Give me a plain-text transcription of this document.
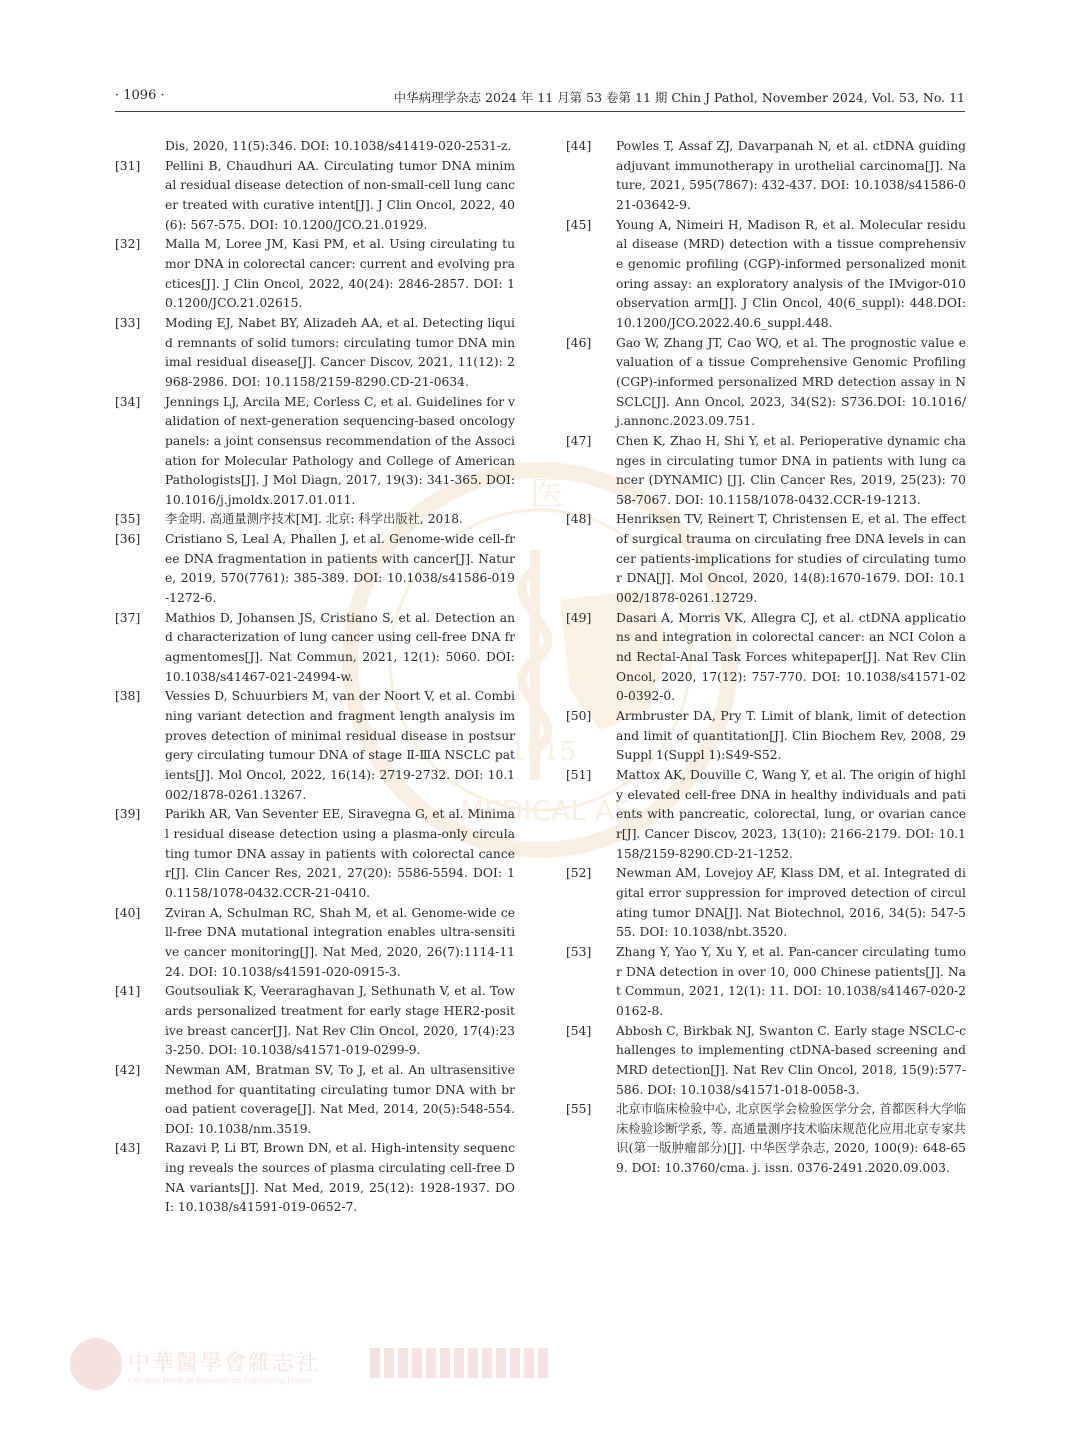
医
1915
MEDICAL AS
· 1096 ·	中华病理学杂志 2024 年 11 月第 53 卷第 11 期 Chin J Pathol, November 2024, Vol. 53, No. 11
Dis, 2020, 11(5):346. DOI: 10.1038/s41419-020-2531-z.
[31]	Pellini B, Chaudhuri AA. Circulating tumor DNA minimal residual disease detection of non-small-cell lung cancer treated with curative intent[J]. J Clin Oncol, 2022, 40(6): 567-575. DOI: 10.1200/JCO.21.01929.
[32]	Malla M, Loree JM, Kasi PM, et al. Using circulating tumor DNA in colorectal cancer: current and evolving practices[J]. J Clin Oncol, 2022, 40(24): 2846-2857. DOI: 10.1200/JCO.21.02615.
[33]	Moding EJ, Nabet BY, Alizadeh AA, et al. Detecting liquid remnants of solid tumors: circulating tumor DNA minimal residual disease[J]. Cancer Discov, 2021, 11(12): 2968-2986. DOI: 10.1158/2159-8290.CD-21-0634.
[34]	Jennings LJ, Arcila ME, Corless C, et al. Guidelines for validation of next-generation sequencing-based oncology panels: a joint consensus recommendation of the Association for Molecular Pathology and College of American Pathologists[J]. J Mol Diagn, 2017, 19(3): 341-365. DOI: 10.1016/j.jmoldx.2017.01.011.
[35]	李金明. 高通量测序技术[M]. 北京: 科学出版社, 2018.
[36]	Cristiano S, Leal A, Phallen J, et al. Genome-wide cell-free DNA fragmentation in patients with cancer[J]. Nature, 2019, 570(7761): 385-389. DOI: 10.1038/s41586-019-1272-6.
[37]	Mathios D, Johansen JS, Cristiano S, et al. Detection and characterization of lung cancer using cell-free DNA fragmentomes[J]. Nat Commun, 2021, 12(1): 5060. DOI: 10.1038/s41467-021-24994-w.
[38]	Vessies D, Schuurbiers M, van der Noort V, et al. Combining variant detection and fragment length analysis improves detection of minimal residual disease in postsurgery circulating tumour DNA of stage Ⅱ-ⅢA NSCLC patients[J]. Mol Oncol, 2022, 16(14): 2719-2732. DOI: 10.1002/1878-0261.13267.
[39]	Parikh AR, Van Seventer EE, Siravegna G, et al. Minimal residual disease detection using a plasma-only circulating tumor DNA assay in patients with colorectal cancer[J]. Clin Cancer Res, 2021, 27(20): 5586-5594. DOI: 10.1158/1078-0432.CCR-21-0410.
[40]	Zviran A, Schulman RC, Shah M, et al. Genome-wide cell-free DNA mutational integration enables ultra-sensitive cancer monitoring[J]. Nat Med, 2020, 26(7):1114-1124. DOI: 10.1038/s41591-020-0915-3.
[41]	Goutsouliak K, Veeraraghavan J, Sethunath V, et al. Towards personalized treatment for early stage HER2-positive breast cancer[J]. Nat Rev Clin Oncol, 2020, 17(4):233-250. DOI: 10.1038/s41571-019-0299-9.
[42]	Newman AM, Bratman SV, To J, et al. An ultrasensitive method for quantitating circulating tumor DNA with broad patient coverage[J]. Nat Med, 2014, 20(5):548-554. DOI: 10.1038/nm.3519.
[43]	Razavi P, Li BT, Brown DN, et al. High-intensity sequencing reveals the sources of plasma circulating cell-free DNA variants[J]. Nat Med, 2019, 25(12): 1928-1937. DOI: 10.1038/s41591-019-0652-7.
[44]	Powles T, Assaf ZJ, Davarpanah N, et al. ctDNA guiding adjuvant immunotherapy in urothelial carcinoma[J]. Nature, 2021, 595(7867): 432-437. DOI: 10.1038/s41586-021-03642-9.
[45]	Young A, Nimeiri H, Madison R, et al. Molecular residual disease (MRD) detection with a tissue comprehensive genomic profiling (CGP)-informed personalized monitoring assay: an exploratory analysis of the IMvigor-010 observation arm[J]. J Clin Oncol, 40(6_suppl): 448.DOI: 10.1200/JCO.2022.40.6_suppl.448.
[46]	Gao W, Zhang JT, Cao WQ, et al. The prognostic value evaluation of a tissue Comprehensive Genomic Profiling (CGP)-informed personalized MRD detection assay in NSCLC[J]. Ann Oncol, 2023, 34(S2): S736.DOI: 10.1016/j.annonc.2023.09.751.
[47]	Chen K, Zhao H, Shi Y, et al. Perioperative dynamic changes in circulating tumor DNA in patients with lung cancer (DYNAMIC) [J]. Clin Cancer Res, 2019, 25(23): 7058-7067. DOI: 10.1158/1078-0432.CCR-19-1213.
[48]	Henriksen TV, Reinert T, Christensen E, et al. The effect of surgical trauma on circulating free DNA levels in cancer patients-implications for studies of circulating tumor DNA[J]. Mol Oncol, 2020, 14(8):1670-1679. DOI: 10.1002/1878-0261.12729.
[49]	Dasari A, Morris VK, Allegra CJ, et al. ctDNA applications and integration in colorectal cancer: an NCI Colon and Rectal-Anal Task Forces whitepaper[J]. Nat Rev Clin Oncol, 2020, 17(12): 757-770. DOI: 10.1038/s41571-020-0392-0.
[50]	Armbruster DA, Pry T. Limit of blank, limit of detection and limit of quantitation[J]. Clin Biochem Rev, 2008, 29Suppl 1(Suppl 1):S49-S52.
[51]	Mattox AK, Douville C, Wang Y, et al. The origin of highly elevated cell-free DNA in healthy individuals and patients with pancreatic, colorectal, lung, or ovarian cancer[J]. Cancer Discov, 2023, 13(10): 2166-2179. DOI: 10.1158/2159-8290.CD-21-1252.
[52]	Newman AM, Lovejoy AF, Klass DM, et al. Integrated digital error suppression for improved detection of circulating tumor DNA[J]. Nat Biotechnol, 2016, 34(5): 547-555. DOI: 10.1038/nbt.3520.
[53]	Zhang Y, Yao Y, Xu Y, et al. Pan-cancer circulating tumor DNA detection in over 10, 000 Chinese patients[J]. Nat Commun, 2021, 12(1): 11. DOI: 10.1038/s41467-020-20162-8.
[54]	Abbosh C, Birkbak NJ, Swanton C. Early stage NSCLC-challenges to implementing ctDNA-based screening and MRD detection[J]. Nat Rev Clin Oncol, 2018, 15(9):577-586. DOI: 10.1038/s41571-018-0058-3.
[55]	北京市临床检验中心, 北京医学会检验医学分会, 首都医科大学临床检验诊断学系, 等. 高通量测序技术临床规范化应用北京专家共识(第一版肿瘤部分)[J]. 中华医学杂志, 2020, 100(9): 648-659. DOI: 10.3760/cma. j. issn. 0376-2491.2020.09.003.
中華醫學會雜志社
Chinese Medical Association Publishing House
